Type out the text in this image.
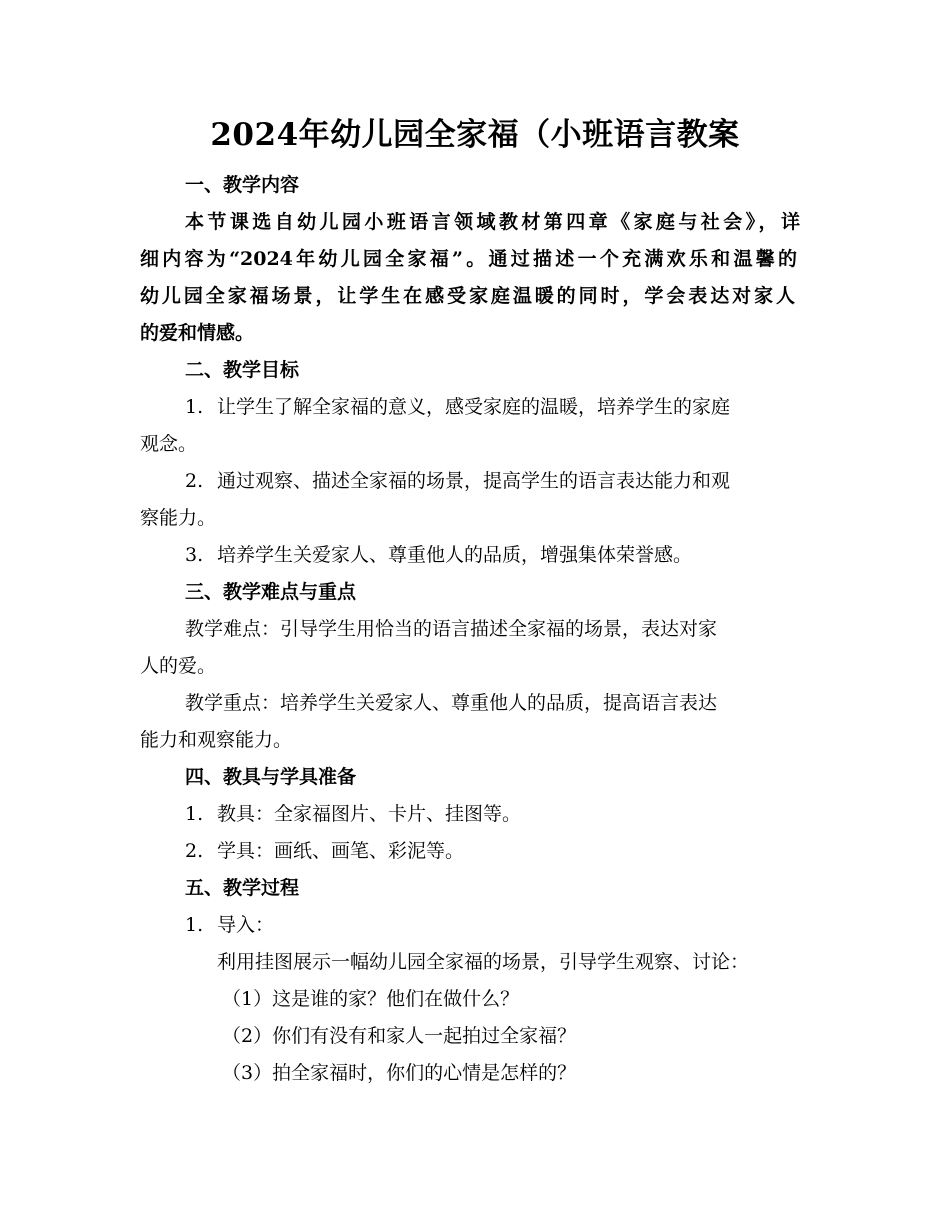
2024年幼儿园全家福（小班语言教案
一、教学内容
本节课选自幼儿园小班语言领域教材第四章《家庭与社会》，详
细内容为“2024年幼儿园全家福”。通过描述一个充满欢乐和温馨的
幼儿园全家福场景，让学生在感受家庭温暖的同时，学会表达对家人
的爱和情感。
二、教学目标
1. 让学生了解全家福的意义，感受家庭的温暖，培养学生的家庭
观念。
2. 通过观察、描述全家福的场景，提高学生的语言表达能力和观
察能力。
3. 培养学生关爱家人、尊重他人的品质，增强集体荣誉感。
三、教学难点与重点
教学难点：引导学生用恰当的语言描述全家福的场景，表达对家
人的爱。
教学重点：培养学生关爱家人、尊重他人的品质，提高语言表达
能力和观察能力。
四、教具与学具准备
1. 教具：全家福图片、卡片、挂图等。
2. 学具：画纸、画笔、彩泥等。
五、教学过程
1. 导入：
利用挂图展示一幅幼儿园全家福的场景，引导学生观察、讨论：
（1）这是谁的家？他们在做什么？
（2）你们有没有和家人一起拍过全家福？
（3）拍全家福时，你们的心情是怎样的？
